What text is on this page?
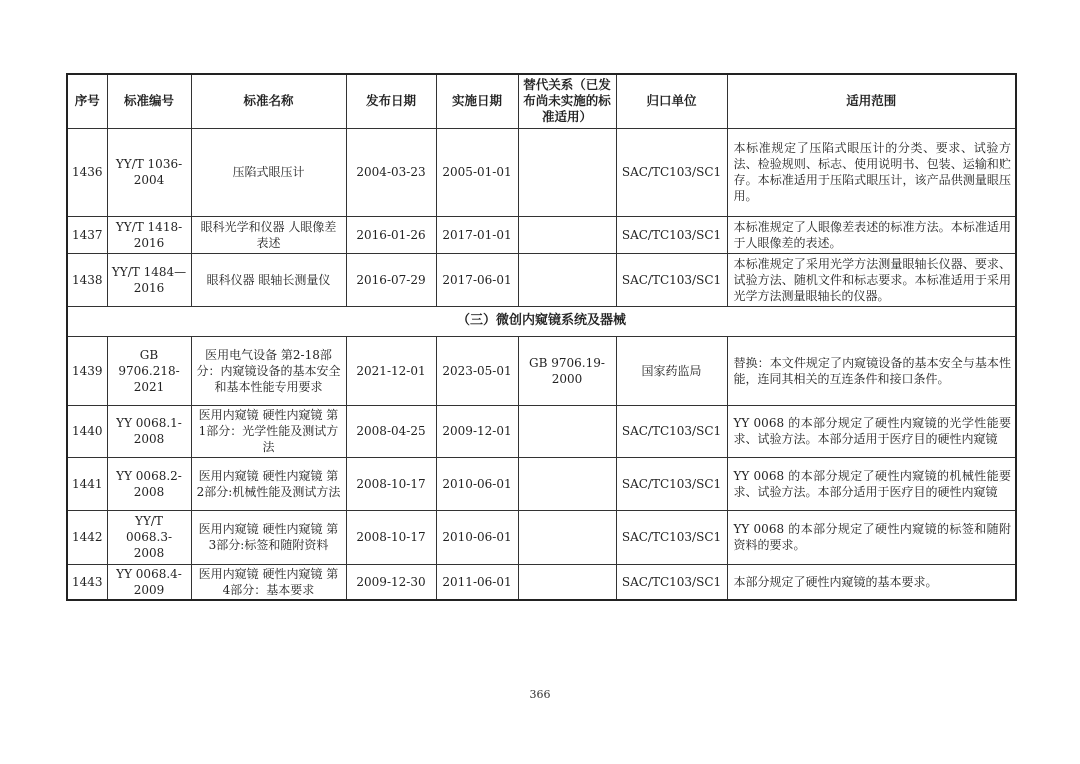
序号	标准编号	标准名称	发布日期	实施日期	替代关系（已发布尚未实施的标准适用）	归口单位	适用范围
1436	YY/T 1036-2004	压陷式眼压计	2004-03-23	2005-01-01		SAC/TC103/SC1	本标准规定了压陷式眼压计的分类、要求、试验方法、检验规则、标志、使用说明书、包装、运输和贮存。本标准适用于压陷式眼压计，该产品供测量眼压用。
1437	YY/T 1418-2016	眼科光学和仪器 人眼像差表述	2016-01-26	2017-01-01		SAC/TC103/SC1	本标准规定了人眼像差表述的标准方法。本标准适用于人眼像差的表述。
1438	YY/T 1484—2016	眼科仪器 眼轴长测量仪	2016-07-29	2017-06-01		SAC/TC103/SC1	本标准规定了采用光学方法测量眼轴长仪器、要求、试验方法、随机文件和标志要求。本标准适用于采用光学方法测量眼轴长的仪器。
（三）微创内窥镜系统及器械							
1439	GB 9706.218-2021	医用电气设备 第2-18部分：内窥镜设备的基本安全和基本性能专用要求	2021-12-01	2023-05-01	GB 9706.19-2000	国家药监局	替换：本文件规定了内窥镜设备的基本安全与基本性能，连同其相关的互连条件和接口条件。
1440	YY 0068.1-2008	医用内窥镜 硬性内窥镜 第1部分：光学性能及测试方法	2008-04-25	2009-12-01		SAC/TC103/SC1	YY 0068 的本部分规定了硬性内窥镜的光学性能要求、试验方法。本部分适用于医疗目的硬性内窥镜
1441	YY 0068.2-2008	医用内窥镜 硬性内窥镜 第2部分:机械性能及测试方法	2008-10-17	2010-06-01		SAC/TC103/SC1	YY 0068 的本部分规定了硬性内窥镜的机械性能要求、试验方法。本部分适用于医疗目的硬性内窥镜
1442	YY/T 0068.3-2008	医用内窥镜 硬性内窥镜 第3部分:标签和随附资料	2008-10-17	2010-06-01		SAC/TC103/SC1	YY 0068 的本部分规定了硬性内窥镜的标签和随附资料的要求。
1443	YY 0068.4-2009	医用内窥镜 硬性内窥镜 第4部分：基本要求	2009-12-30	2011-06-01		SAC/TC103/SC1	本部分规定了硬性内窥镜的基本要求。
366
